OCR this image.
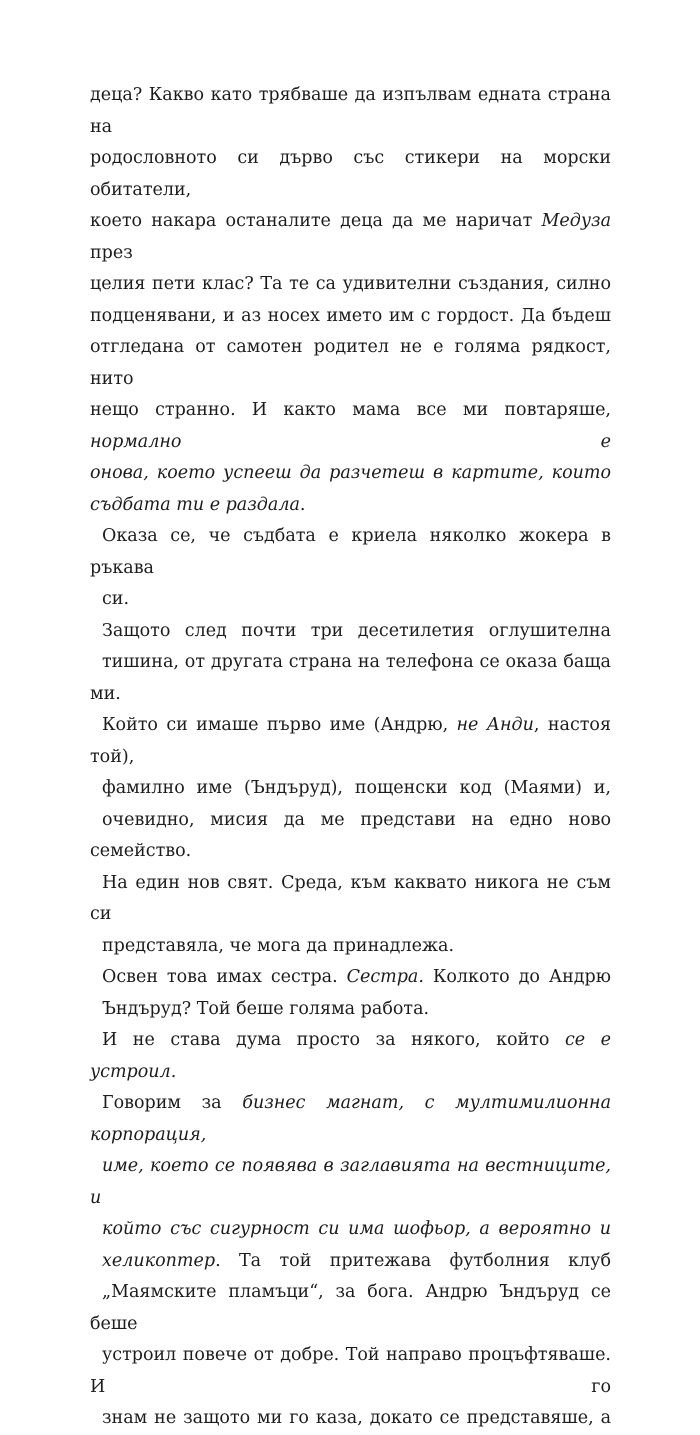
деца? Какво като трябваше да изпълвам едната страна на
родословното си дърво със стикери на морски обитатели,
което накара останалите деца да ме наричат Медуза през
целия пети клас? Та те са удивителни създания, силно
подценявани, и аз носех името им с гордост. Да бъдеш
отгледана от самотен родител не е голяма рядкост, нито
нещо странно. И както мама все ми повтаряше, нормално е
онова, което успееш да разчетеш в картите, които
съдбата ти е раздала.

Оказа се, че съдбата е криела няколко жокера в ръкава
си.

Защото след почти три десетилетия оглушителна
тишина, от другата страна на телефона се оказа баща ми.
Който си имаше първо име (Андрю, не Анди, настоя той),
фамилно име (Ъндъруд), пощенски код (Маями) и,
очевидно, мисия да ме представи на едно ново семейство.
На един нов свят. Среда, към каквато никога не съм си
представяла, че мога да принадлежа.

Освен това имах сестра. Сестра. Колкото до Андрю
Ъндъруд? Той беше голяма работа.

И не става дума просто за някого, който се е устроил.
Говорим за бизнес магнат, с мултимилионна корпорация,
име, което се появява в заглавията на вестниците, и
който със сигурност си има шофьор, а вероятно и
хеликоптер. Та той притежава футболния клуб
„Маямските пламъци“, за бога. Андрю Ъндъруд се беше
устроил повече от добре. Той направо процъфтяваше. И го
знам не защото ми го каза, докато се представяше, а
